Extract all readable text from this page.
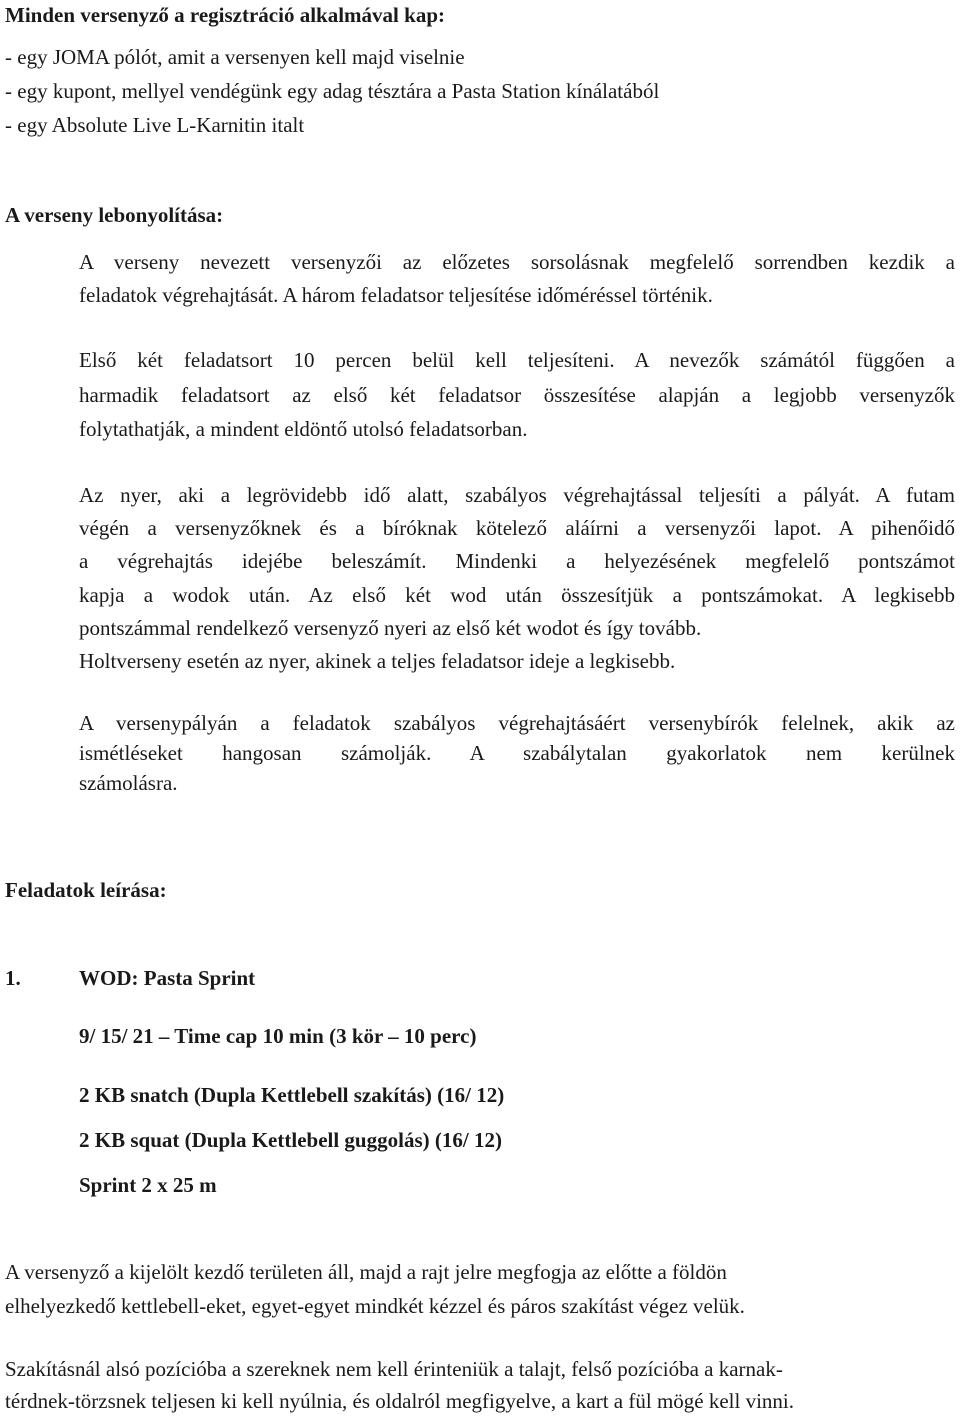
Minden versenyző a regisztráció alkalmával kap:

- egy JOMA pólót, amit a versenyen kell majd viselnie

- egy kupont, mellyel vendégünk egy adag tésztára a Pasta Station kínálatából

- egy Absolute Live L-Karnitin italt

A verseny lebonyolítása:

A verseny nevezett versenyzői az előzetes sorsolásnak megfelelő sorrendben kezdik a

feladatok végrehajtását. A három feladatsor teljesítése időméréssel történik.

Első két feladatsort 10 percen belül kell teljesíteni. A nevezők számától függően a

harmadik feladatsort az első két feladatsor összesítése alapján a legjobb versenyzők

folytathatják, a mindent eldöntő utolsó feladatsorban.

Az nyer, aki a legrövidebb idő alatt, szabályos végrehajtással teljesíti a pályát. A futam

végén a versenyzőknek és a bíróknak kötelező aláírni a versenyzői lapot. A pihenőidő

a végrehajtás idejébe beleszámít. Mindenki a helyezésének megfelelő pontszámot

kapja a wodok után. Az első két wod után összesítjük a pontszámokat. A legkisebb

pontszámmal rendelkező versenyző nyeri az első két wodot és így tovább.

Holtverseny esetén az nyer, akinek a teljes feladatsor ideje a legkisebb.

A versenypályán a feladatok szabályos végrehajtásáért versenybírók felelnek, akik az

ismétléseket hangosan számolják. A szabálytalan gyakorlatok nem kerülnek

számolásra.

Feladatok leírása:

1.	WOD: Pasta Sprint

9/ 15/ 21 – Time cap 10 min (3 kör – 10 perc)

2 KB snatch (Dupla Kettlebell szakítás) (16/ 12)

2 KB squat (Dupla Kettlebell guggolás) (16/ 12)

Sprint 2 x 25 m

A versenyző a kijelölt kezdő területen áll, majd a rajt jelre megfogja az előtte a földön

elhelyezkedő kettlebell-eket, egyet-egyet mindkét kézzel és páros szakítást végez velük.

Szakításnál alsó pozícióba a szereknek nem kell érinteniük a talajt, felső pozícióba a karnak-

térdnek-törzsnek teljesen ki kell nyúlnia, és oldalról megfigyelve, a kart a fül mögé kell vinni.
